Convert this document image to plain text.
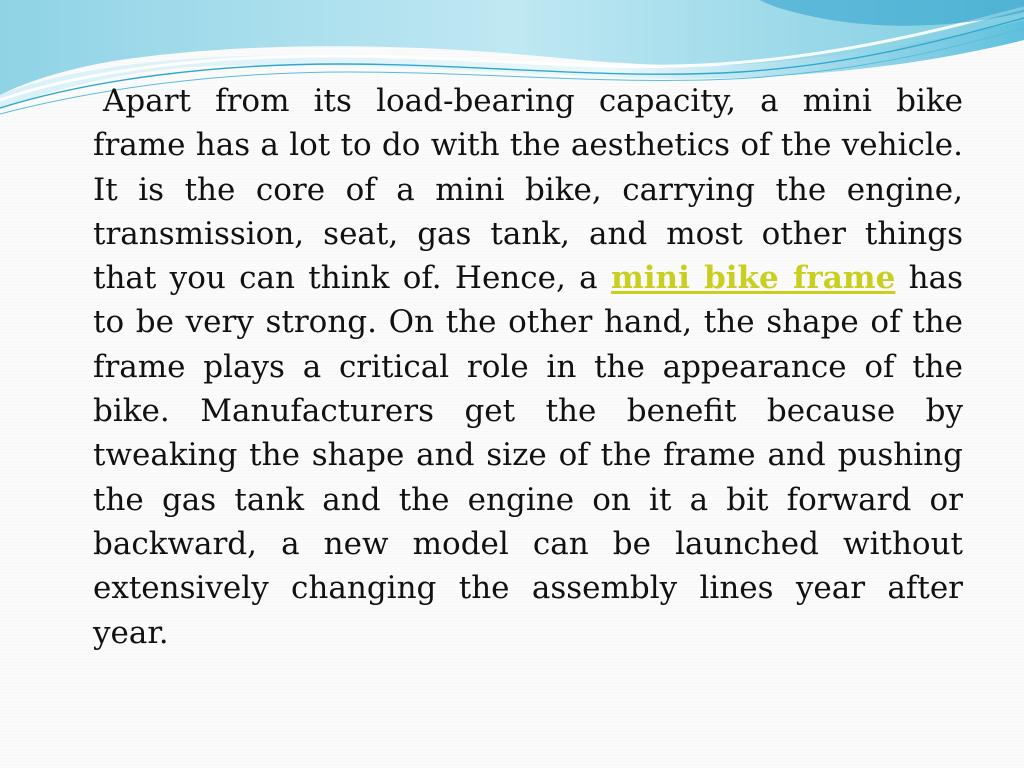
Apart from its load-bearing capacity, a mini bike frame has a lot to do with the aesthetics of the vehicle. It is the core of a mini bike, carrying the engine, transmission, seat, gas tank, and most other things that you can think of. Hence, a mini bike frame has to be very strong. On the other hand, the shape of the frame plays a critical role in the appearance of the bike. Manufacturers get the benefit because by tweaking the shape and size of the frame and pushing the gas tank and the engine on it a bit forward or backward, a new model can be launched without extensively changing the assembly lines year after year.
